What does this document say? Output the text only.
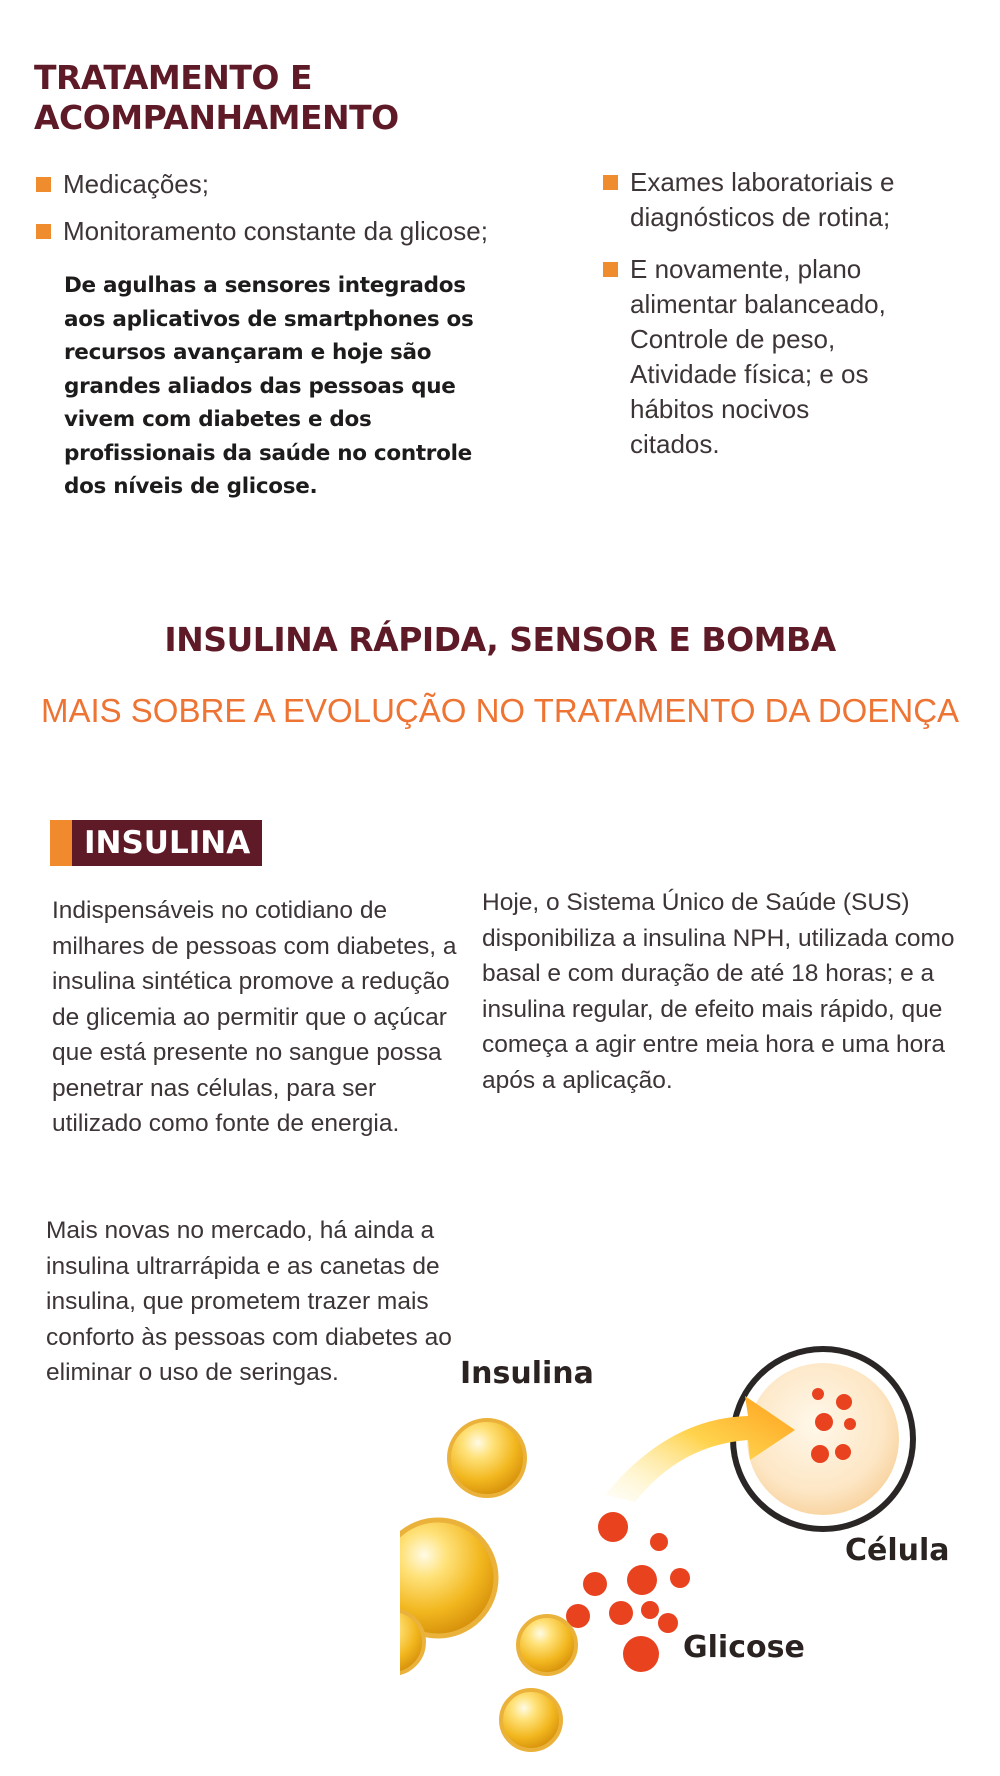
TRATAMENTO E
ACOMPANHAMENTO
Medicações;
Monitoramento constante da glicose;

De agulhas a sensores integrados aos aplicativos de smartphones os recursos avançaram e hoje são grandes aliados das pessoas que vivem com diabetes e dos profissionais da saúde no controle dos níveis de glicose.

Exames laboratoriais e diagnósticos de rotina;
E novamente, plano alimentar balanceado, Controle de peso, Atividade física; e os hábitos nocivos citados.
INSULINA RÁPIDA, SENSOR E BOMBA
MAIS SOBRE A EVOLUÇÃO NO TRATAMENTO DA DOENÇA
INSULINA

Indispensáveis no cotidiano de milhares de pessoas com diabetes, a insulina sintética promove a redução de glicemia ao permitir que o açúcar que está presente no sangue possa penetrar nas células, para ser utilizado como fonte de energia.

Hoje, o Sistema Único de Saúde (SUS) disponibiliza a insulina NPH, utilizada como basal e com duração de até 18 horas; e a insulina regular, de efeito mais rápido, que começa a agir entre meia hora e uma hora após a aplicação.

Mais novas no mercado, há ainda a insulina ultrarrápida e as canetas de insulina, que prometem trazer mais conforto às pessoas com diabetes ao eliminar o uso de seringas.	Insulina
Célula
Glicose
